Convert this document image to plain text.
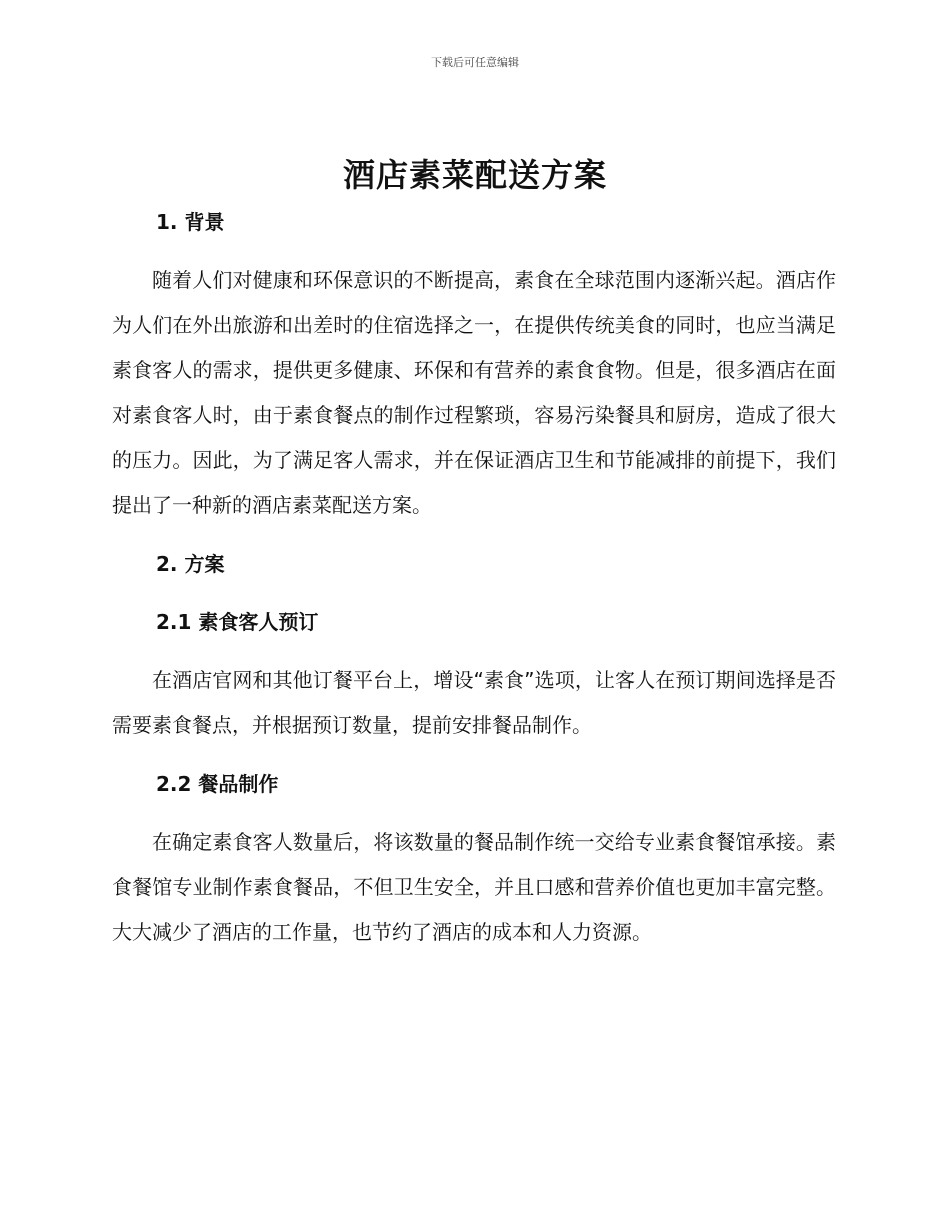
下载后可任意编辑
酒店素菜配送方案
1. 背景

随着人们对健康和环保意识的不断提高，素食在全球范围内逐渐兴起。酒店作为人们在外出旅游和出差时的住宿选择之一，在提供传统美食的同时，也应当满足素食客人的需求，提供更多健康、环保和有营养的素食食物。但是，很多酒店在面对素食客人时，由于素食餐点的制作过程繁琐，容易污染餐具和厨房，造成了很大的压力。因此，为了满足客人需求，并在保证酒店卫生和节能减排的前提下，我们提出了一种新的酒店素菜配送方案。

2. 方案
2.1 素食客人预订

在酒店官网和其他订餐平台上，增设“素食”选项，让客人在预订期间选择是否需要素食餐点，并根据预订数量，提前安排餐品制作。

2.2 餐品制作

在确定素食客人数量后，将该数量的餐品制作统一交给专业素食餐馆承接。素食餐馆专业制作素食餐品，不但卫生安全，并且口感和营养价值也更加丰富完整。大大减少了酒店的工作量，也节约了酒店的成本和人力资源。
